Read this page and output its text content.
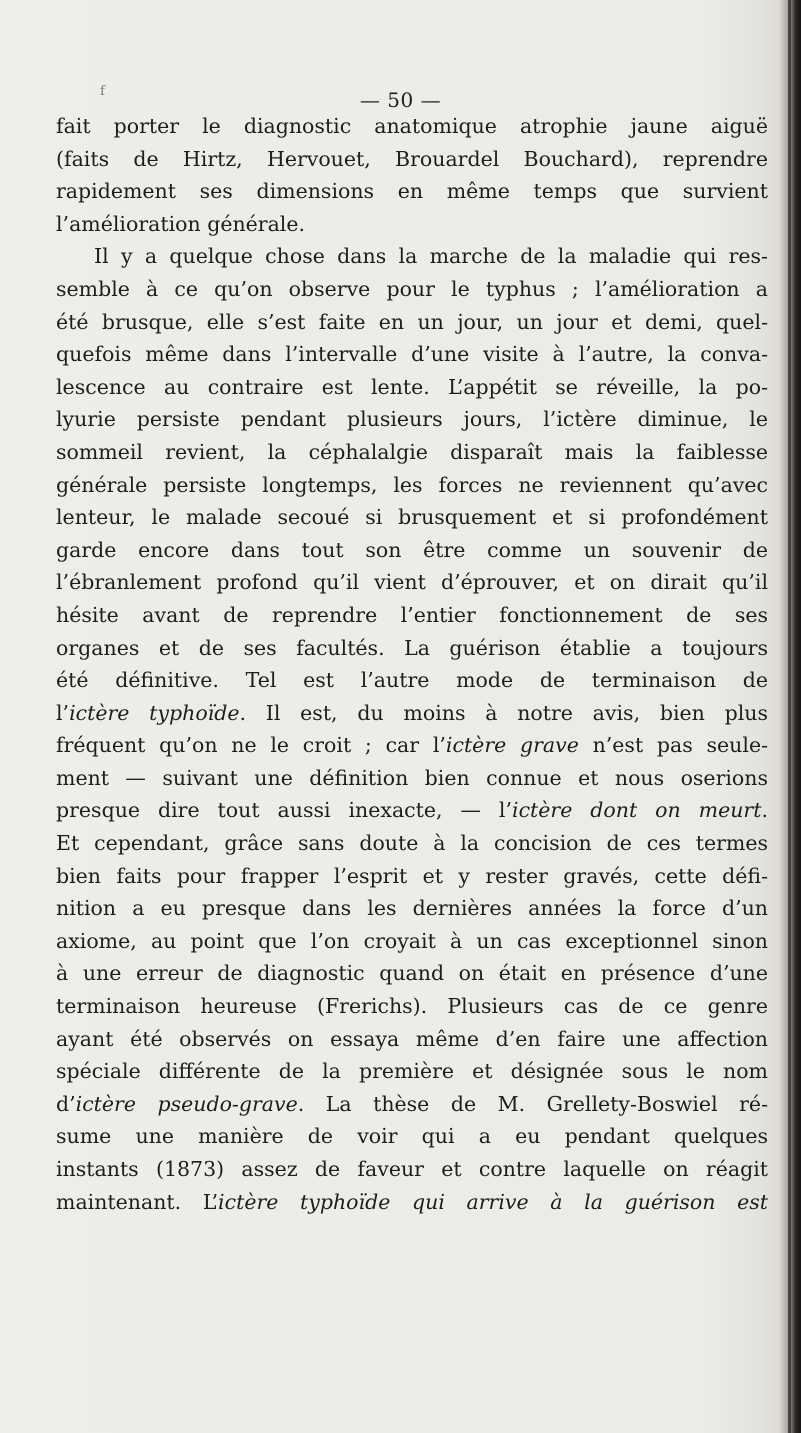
f	— 50 —
fait porter le diagnostic anatomique atrophie jaune aiguë
(faits de Hirtz, Hervouet, Brouardel Bouchard), reprendre
rapidement ses dimensions en même temps que survient
l’amélioration générale.
Il y a quelque chose dans la marche de la maladie qui res-
semble à ce qu’on observe pour le typhus ; l’amélioration a
été brusque, elle s’est faite en un jour, un jour et demi, quel-
quefois même dans l’intervalle d’une visite à l’autre, la conva-
lescence au contraire est lente. L’appétit se réveille, la po-
lyurie persiste pendant plusieurs jours, l’ictère diminue, le
sommeil revient, la céphalalgie disparaît mais la faiblesse
générale persiste longtemps, les forces ne reviennent qu’avec
lenteur, le malade secoué si brusquement et si profondément
garde encore dans tout son être comme un souvenir de
l’ébranlement profond qu’il vient d’éprouver, et on dirait qu’il
hésite avant de reprendre l’entier fonctionnement de ses
organes et de ses facultés. La guérison établie a toujours
été définitive. Tel est l’autre mode de terminaison de
l’ictère typhoïde. Il est, du moins à notre avis, bien plus
fréquent qu’on ne le croit ; car l’ictère grave n’est pas seule-
ment — suivant une définition bien connue et nous oserions
presque dire tout aussi inexacte, — l’ictère dont on meurt.
Et cependant, grâce sans doute à la concision de ces termes
bien faits pour frapper l’esprit et y rester gravés, cette défi-
nition a eu presque dans les dernières années la force d’un
axiome, au point que l’on croyait à un cas exceptionnel sinon
à une erreur de diagnostic quand on était en présence d’une
terminaison heureuse (Frerichs). Plusieurs cas de ce genre
ayant été observés on essaya même d’en faire une affection
spéciale différente de la première et désignée sous le nom
d’ictère pseudo-grave. La thèse de M. Grellety-Boswiel ré-
sume une manière de voir qui a eu pendant quelques
instants (1873) assez de faveur et contre laquelle on réagit
maintenant. L’ictère typhoïde qui arrive à la guérison est
